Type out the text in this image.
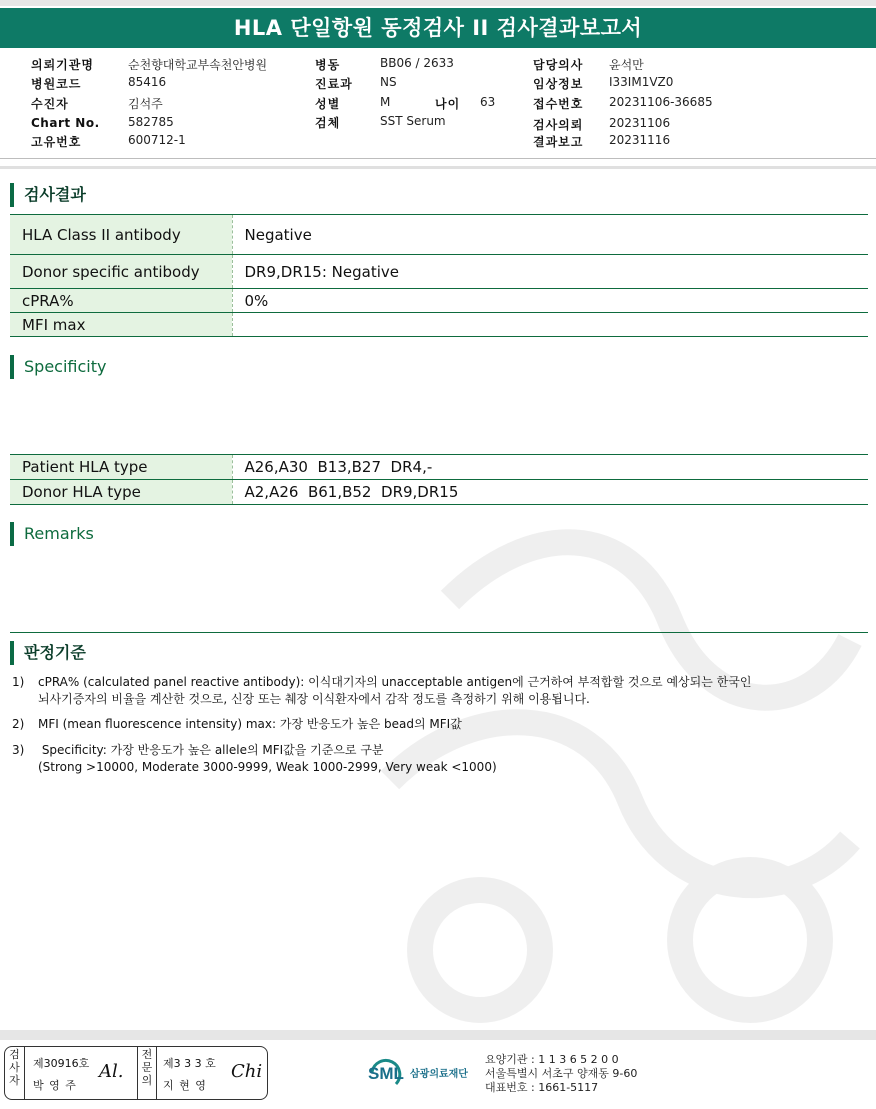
HLA 단일항원 동정검사 II 검사결과보고서
의뢰기관명	순천향대학교부속천안병원
병원코드	85416
수진자	김석주
Chart No. 582785
고유번호	600712-1
병동	BB06 / 2633
진료과 NS
성별	M	나이 63
검체	SST Serum
담당의사 윤석만
임상정보 I33IM1VZ0
접수번호 20231106-36685
검사의뢰 20231106
결과보고 20231116
검사결과
HLA Class II antibody	Negative
Donor specific antibody	DR9,DR15: Negative
cPRA%	0%
MFI max	
Specificity
Patient HLA type	A26,A30  B13,B27  DR4,-
Donor HLA type	A2,A26  B61,B52  DR9,DR15
Remarks
판정기준
1) cPRA% (calculated panel reactive antibody): 이식대기자의 unacceptable antigen에 근거하여 부적합할 것으로 예상되는 한국인
뇌사기증자의 비율을 계산한 것으로, 신장 또는 췌장 이식환자에서 감작 정도를 측정하기 위해 이용됩니다.
2) MFI (mean fluorescence intensity) max: 가장 반응도가 높은 bead의 MFI값
3) Specificity: 가장 반응도가 높은 allele의 MFI값을 기준으로 구분
(Strong >10000, Moderate 3000-9999, Weak 1000-2999, Very weak <1000)
검
사
자
제30916호
박 영 주
Al.
전
문
의
제3 3 3 호
지 현 영
Chi	SML 삼광의료재단
요양기관 : 1 1 3 6 5 2 0 0
서울특별시 서초구 양재동 9-60
대표번호 : 1661-5117
